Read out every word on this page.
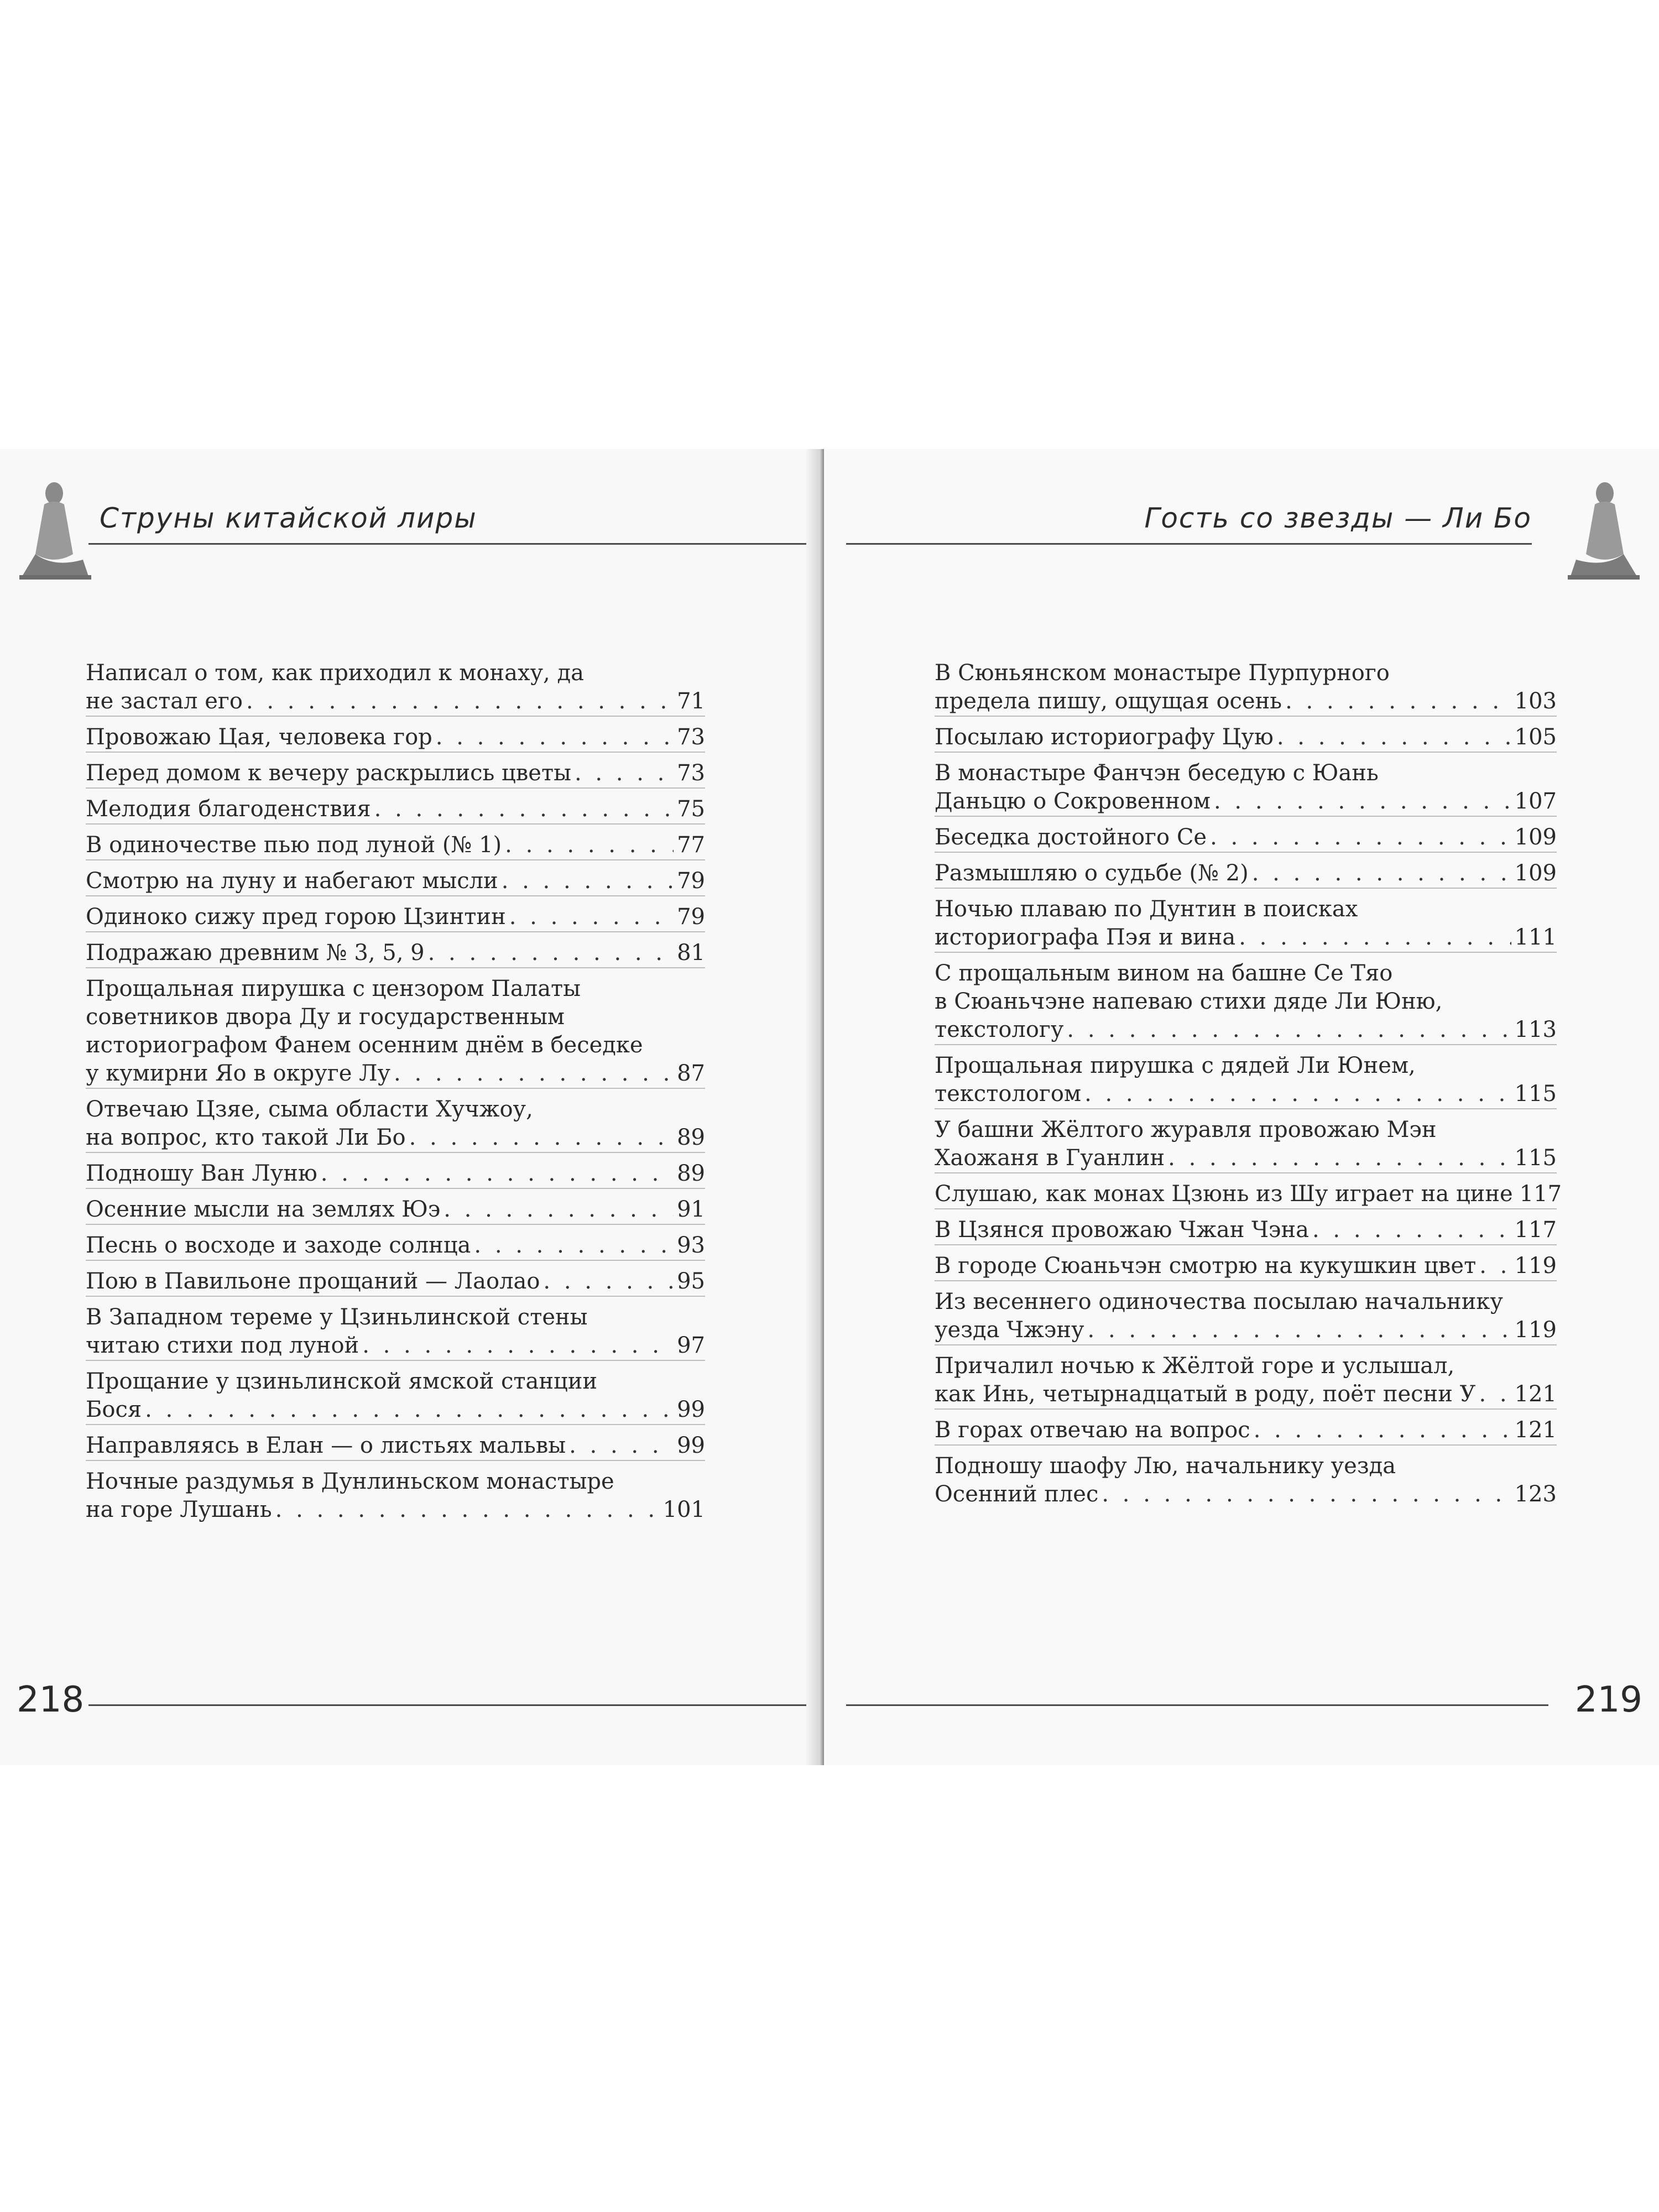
Струны китайской лиры
Написал о том, как приходил к монаху, да
не застал его . . .	71
Провожаю Цая, человека гор . . .	73
Перед домом к вечеру раскрылись цветы . . .	73
Мелодия благоденствия . . .	75
В одиночестве пью под луной (№ 1) . . .	77
Смотрю на луну и набегают мысли . . .	79
Одиноко сижу пред горою Цзинтин . . .	79
Подражаю древним № 3, 5, 9 . . .	81
Прощальная пирушка с цензором Палаты
советников двора Ду и государственным
историографом Фанем осенним днём в беседке
у кумирни Яо в округе Лу . . .	87
Отвечаю Цзяе, сыма области Хучжоу,
на вопрос, кто такой Ли Бо . . .	89
Подношу Ван Луню . . .	89
Осенние мысли на землях Юэ . . .	91
Песнь о восходе и заходе солнца . . .	93
Пою в Павильоне прощаний — Лаолао . . .	95
В Западном тереме у Цзиньлинской стены
читаю стихи под луной . . .	97
Прощание у цзиньлинской ямской станции
Бося . . .	99
Направляясь в Елан — о листьях мальвы . . .	99
Ночные раздумья в Дунлиньском монастыре
на горе Лушань . . .	101
218
Гость со звезды — Ли Бо
В Сюньянском монастыре Пурпурного
предела пишу, ощущая осень . . .	103
Посылаю историографу Цую . . .	105
В монастыре Фанчэн беседую с Юань
Даньцю о Сокровенном . . .	107
Беседка достойного Се . . .	109
Размышляю о судьбе (№ 2) . . .	109
Ночью плаваю по Дунтин в поисках
историографа Пэя и вина . . .	111
С прощальным вином на башне Се Тяо
в Сюаньчэне напеваю стихи дяде Ли Юню,
текстологу . . .	113
Прощальная пирушка с дядей Ли Юнем,
текстологом . . .	115
У башни Жёлтого журавля провожаю Мэн
Хаожаня в Гуанлин . . .	115
Слушаю, как монах Цзюнь из Шу играет на цине 117
В Цзянся провожаю Чжан Чэна . . .	117
В городе Сюаньчэн смотрю на кукушкин цвет . . . 119
Из весеннего одиночества посылаю начальнику
уезда Чжэну . . .	119
Причалил ночью к Жёлтой горе и услышал,
как Инь, четырнадцатый в роду, поёт песни У . . . 121
В горах отвечаю на вопрос . . .	121
Подношу шаофу Лю, начальнику уезда
Осенний плес . . .	123
219
